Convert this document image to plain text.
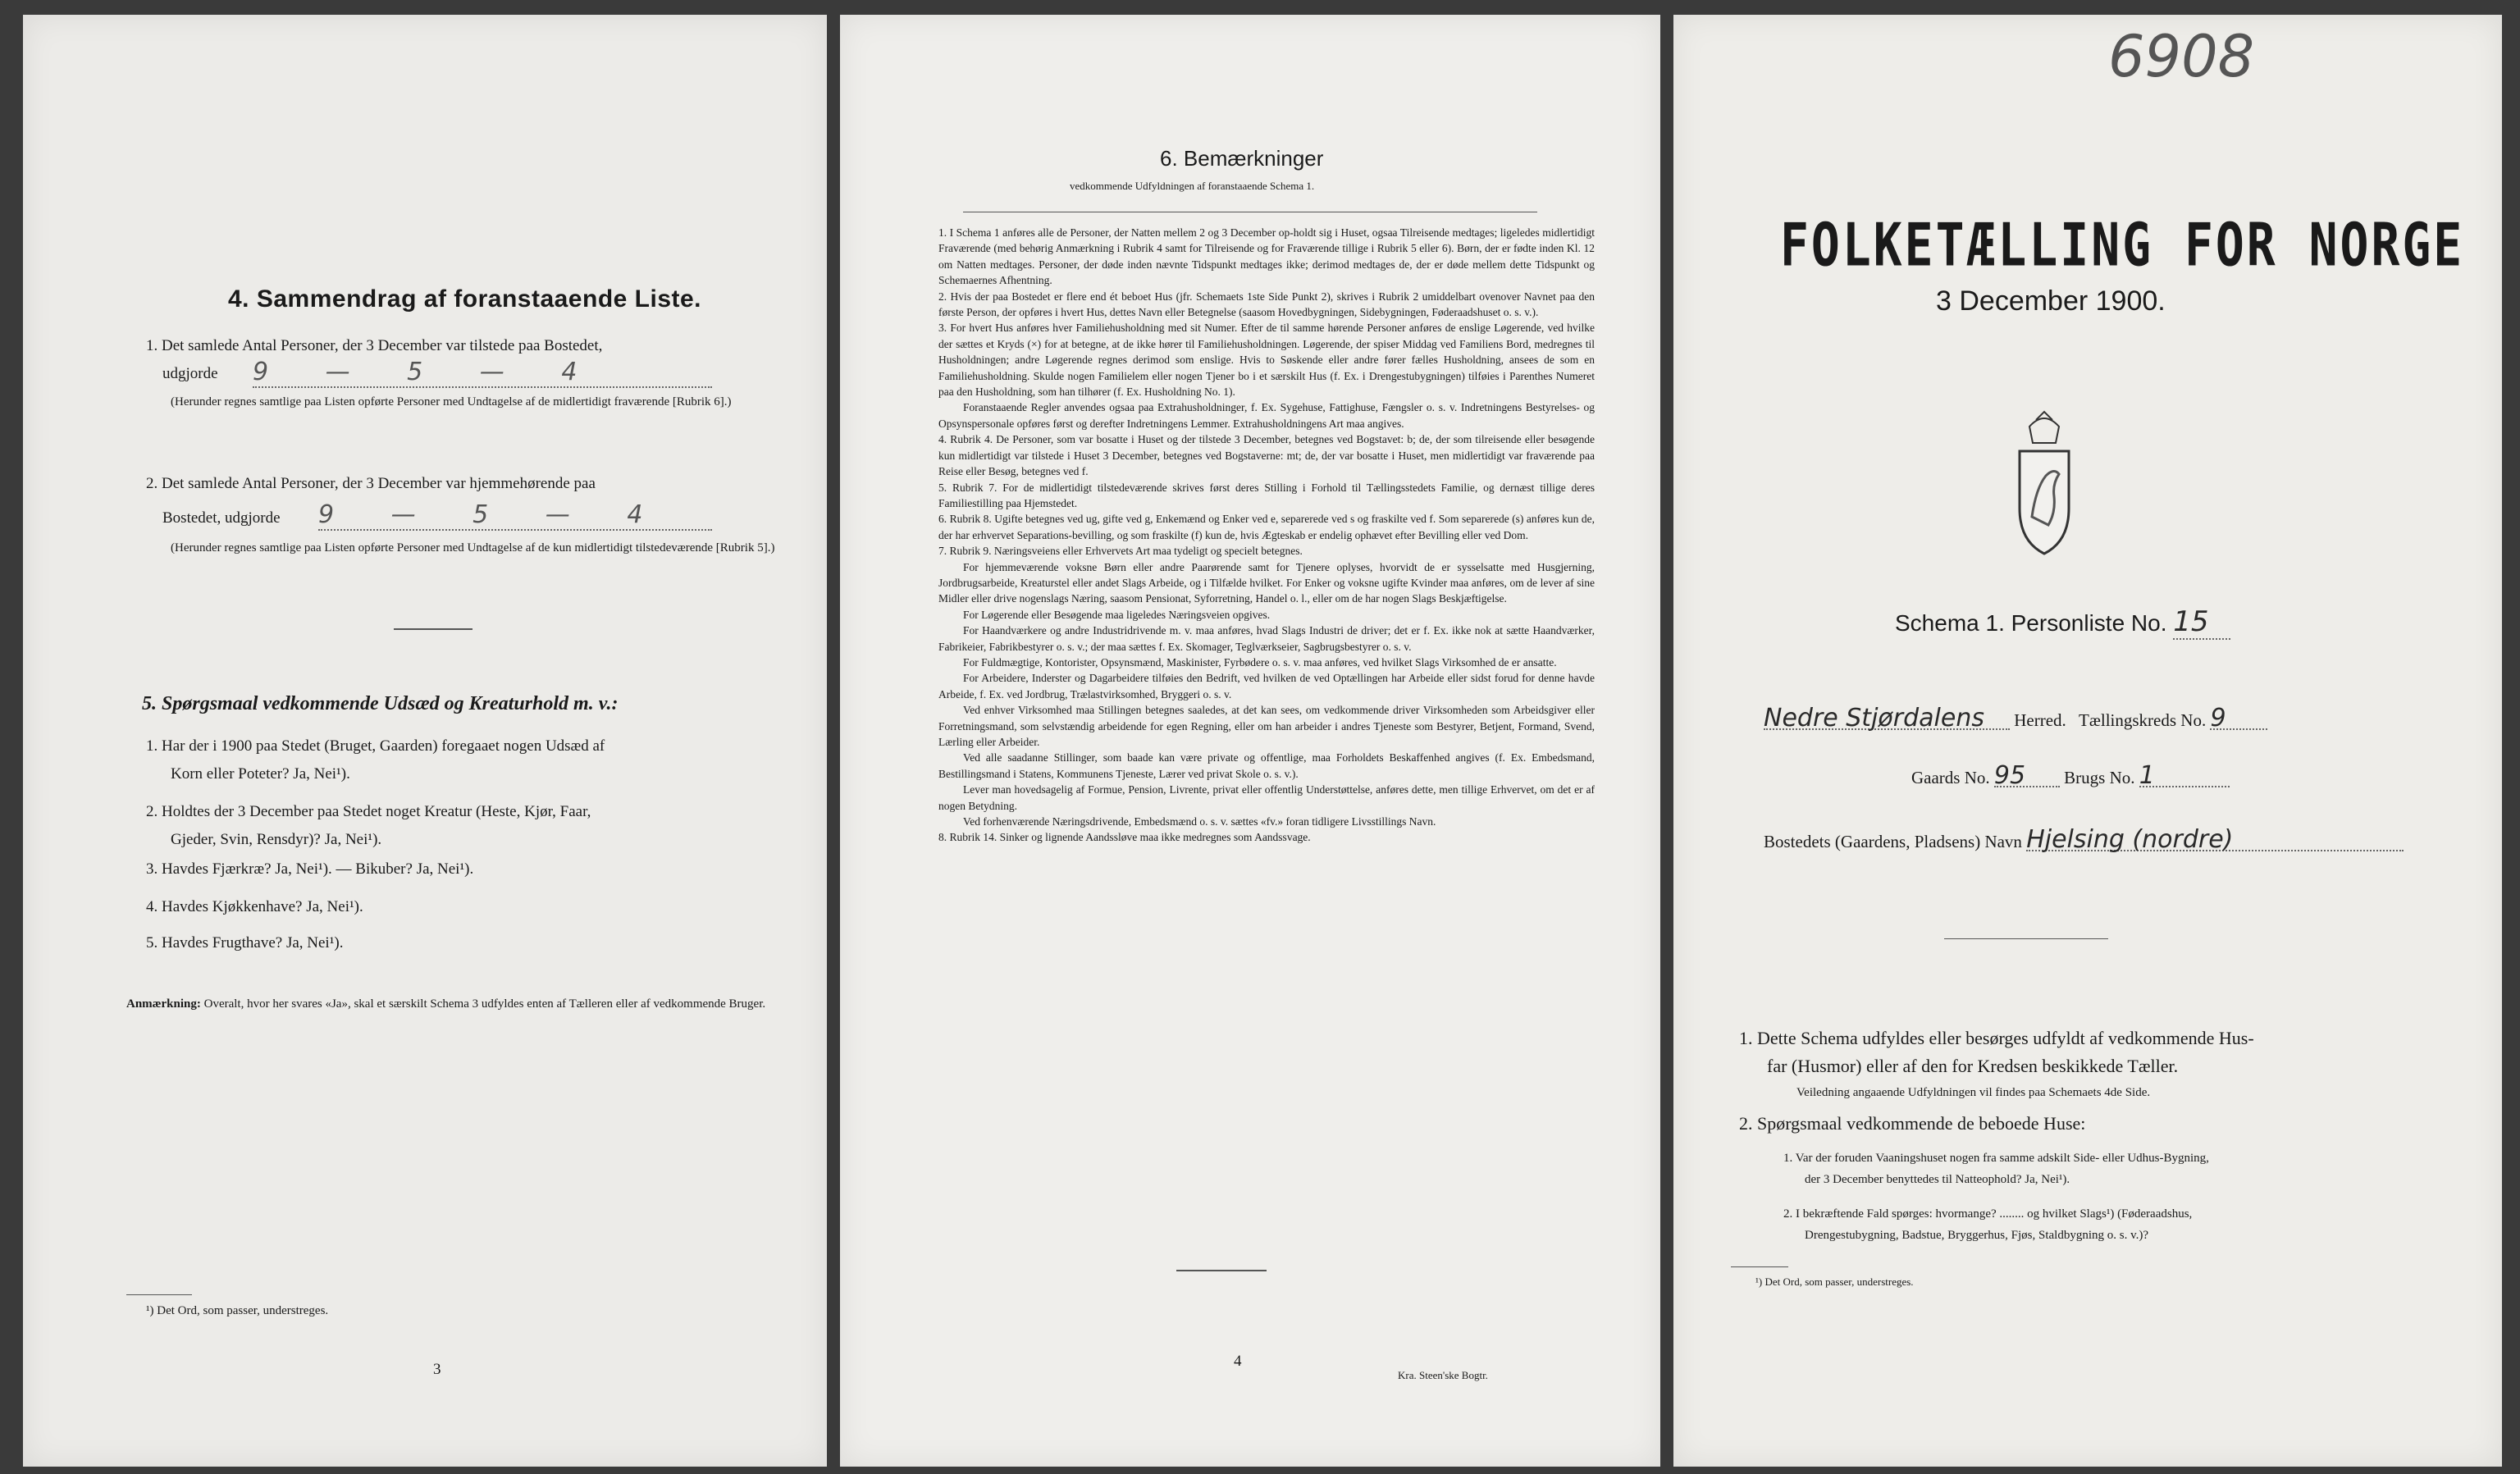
4. Sammendrag af foranstaaende Liste.
1. Det samlede Antal Personer, der 3 December var tilstede paa Bostedet,
udgjorde 9 — 5 — 4
(Herunder regnes samtlige paa Listen opførte Personer med Undtagelse af de midlertidigt fraværende [Rubrik 6].)
2. Det samlede Antal Personer, der 3 December var hjemmehørende paa
Bostedet, udgjorde 9 — 5 — 4
(Herunder regnes samtlige paa Listen opførte Personer med Undtagelse af de kun midlertidigt tilstedeværende [Rubrik 5].)
5. Spørgsmaal vedkommende Udsæd og Kreaturhold m. v.:
1. Har der i 1900 paa Stedet (Bruget, Gaarden) foregaaet nogen Udsæd af
Korn eller Poteter? Ja, Nei¹).
2. Holdtes der 3 December paa Stedet noget Kreatur (Heste, Kjør, Faar,
Gjeder, Svin, Rensdyr)? Ja, Nei¹).
3. Havdes Fjærkræ? Ja, Nei¹). — Bikuber? Ja, Nei¹).
4. Havdes Kjøkkenhave? Ja, Nei¹).
5. Havdes Frugthave? Ja, Nei¹).
Anmærkning: Overalt, hvor her svares «Ja», skal et særskilt Schema 3 udfyldes enten af Tælleren eller af vedkommende Bruger.
¹) Det Ord, som passer, understreges.
3
6. Bemærkninger
vedkommende Udfyldningen af foranstaaende Schema 1.

1. I Schema 1 anføres alle de Personer, der Natten mellem 2 og 3 December op-holdt sig i Huset, ogsaa Tilreisende medtages; ligeledes midlertidigt Fraværende (med behørig Anmærkning i Rubrik 4 samt for Tilreisende og for Fraværende tillige i Rubrik 5 eller 6). Børn, der er fødte inden Kl. 12 om Natten medtages. Personer, der døde inden nævnte Tidspunkt medtages ikke; derimod medtages de, der er døde mellem dette Tidspunkt og Schemaernes Afhentning.

2. Hvis der paa Bostedet er flere end ét beboet Hus (jfr. Schemaets 1ste Side Punkt 2), skrives i Rubrik 2 umiddelbart ovenover Navnet paa den første Person, der opføres i hvert Hus, dettes Navn eller Betegnelse (saasom Hovedbygningen, Sidebygningen, Føderaadshuset o. s. v.).

3. For hvert Hus anføres hver Familiehusholdning med sit Numer. Efter de til samme hørende Personer anføres de enslige Løgerende, ved hvilke der sættes et Kryds (×) for at betegne, at de ikke hører til Familiehusholdningen. Løgerende, der spiser Middag ved Familiens Bord, medregnes til Husholdningen; andre Løgerende regnes derimod som enslige. Hvis to Søskende eller andre fører fælles Husholdning, ansees de som en Familiehusholdning. Skulde nogen Familielem eller nogen Tjener bo i et særskilt Hus (f. Ex. i Drengestubygningen) tilføies i Parenthes Numeret paa den Husholdning, som han tilhører (f. Ex. Husholdning No. 1).

Foranstaaende Regler anvendes ogsaa paa Extrahusholdninger, f. Ex. Sygehuse, Fattighuse, Fængsler o. s. v. Indretningens Bestyrelses- og Opsynspersonale opføres først og derefter Indretningens Lemmer. Extrahusholdningens Art maa angives.

4. Rubrik 4. De Personer, som var bosatte i Huset og der tilstede 3 December, betegnes ved Bogstavet: b; de, der som tilreisende eller besøgende kun midlertidigt var tilstede i Huset 3 December, betegnes ved Bogstaverne: mt; de, der var bosatte i Huset, men midlertidigt var fraværende paa Reise eller Besøg, betegnes ved f.

5. Rubrik 7. For de midlertidigt tilstedeværende skrives først deres Stilling i Forhold til Tællingsstedets Familie, og dernæst tillige deres Familiestilling paa Hjemstedet.

6. Rubrik 8. Ugifte betegnes ved ug, gifte ved g, Enkemænd og Enker ved e, separerede ved s og fraskilte ved f. Som separerede (s) anføres kun de, der har erhvervet Separations-bevilling, og som fraskilte (f) kun de, hvis Ægteskab er endelig ophævet efter Bevilling eller ved Dom.

7. Rubrik 9. Næringsveiens eller Erhvervets Art maa tydeligt og specielt betegnes.

For hjemmeværende voksne Børn eller andre Paarørende samt for Tjenere oplyses, hvorvidt de er sysselsatte med Husgjerning, Jordbrugsarbeide, Kreaturstel eller andet Slags Arbeide, og i Tilfælde hvilket. For Enker og voksne ugifte Kvinder maa anføres, om de lever af sine Midler eller drive nogenslags Næring, saasom Pensionat, Syforretning, Handel o. l., eller om de har nogen Slags Beskjæftigelse.

For Løgerende eller Besøgende maa ligeledes Næringsveien opgives.

For Haandværkere og andre Industridrivende m. v. maa anføres, hvad Slags Industri de driver; det er f. Ex. ikke nok at sætte Haandværker, Fabrikeier, Fabrikbestyrer o. s. v.; der maa sættes f. Ex. Skomager, Teglværkseier, Sagbrugsbestyrer o. s. v.

For Fuldmægtige, Kontorister, Opsynsmænd, Maskinister, Fyrbødere o. s. v. maa anføres, ved hvilket Slags Virksomhed de er ansatte.

For Arbeidere, Inderster og Dagarbeidere tilføies den Bedrift, ved hvilken de ved Optællingen har Arbeide eller sidst forud for denne havde Arbeide, f. Ex. ved Jordbrug, Trælastvirksomhed, Bryggeri o. s. v.

Ved enhver Virksomhed maa Stillingen betegnes saaledes, at det kan sees, om vedkommende driver Virksomheden som Arbeidsgiver eller Forretningsmand, som selvstændig arbeidende for egen Regning, eller om han arbeider i andres Tjeneste som Bestyrer, Betjent, Formand, Svend, Lærling eller Arbeider.

Ved alle saadanne Stillinger, som baade kan være private og offentlige, maa Forholdets Beskaffenhed angives (f. Ex. Embedsmand, Bestillingsmand i Statens, Kommunens Tjeneste, Lærer ved privat Skole o. s. v.).

Lever man hovedsagelig af Formue, Pension, Livrente, privat eller offentlig Understøttelse, anføres dette, men tillige Erhvervet, om det er af nogen Betydning.

Ved forhenværende Næringsdrivende, Embedsmænd o. s. v. sættes «fv.» foran tidligere Livsstillings Navn.

8. Rubrik 14. Sinker og lignende Aandssløve maa ikke medregnes som Aandssvage.

4
Kra. Steen'ske Bogtr.
6908
FOLKETÆLLING FOR NORGE
3 December 1900.
Schema 1. Personliste No. 15
Nedre Stjørdalens Herred. Tællingskreds No. 9
Gaards No. 95 Brugs No. 1
Bostedets (Gaardens, Pladsens) Navn Hjelsing (nordre)
1. Dette Schema udfyldes eller besørges udfyldt af vedkommende Hus-
far (Husmor) eller af den for Kredsen beskikkede Tæller.
Veiledning angaaende Udfyldningen vil findes paa Schemaets 4de Side.
2. Spørgsmaal vedkommende de beboede Huse:
1. Var der foruden Vaaningshuset nogen fra samme adskilt Side- eller Udhus-Bygning,
der 3 December benyttedes til Natteophold? Ja, Nei¹).
2. I bekræftende Fald spørges: hvormange? ........ og hvilket Slags¹) (Føderaadshus,
Drengestubygning, Badstue, Bryggerhus, Fjøs, Staldbygning o. s. v.)?
¹) Det Ord, som passer, understreges.
